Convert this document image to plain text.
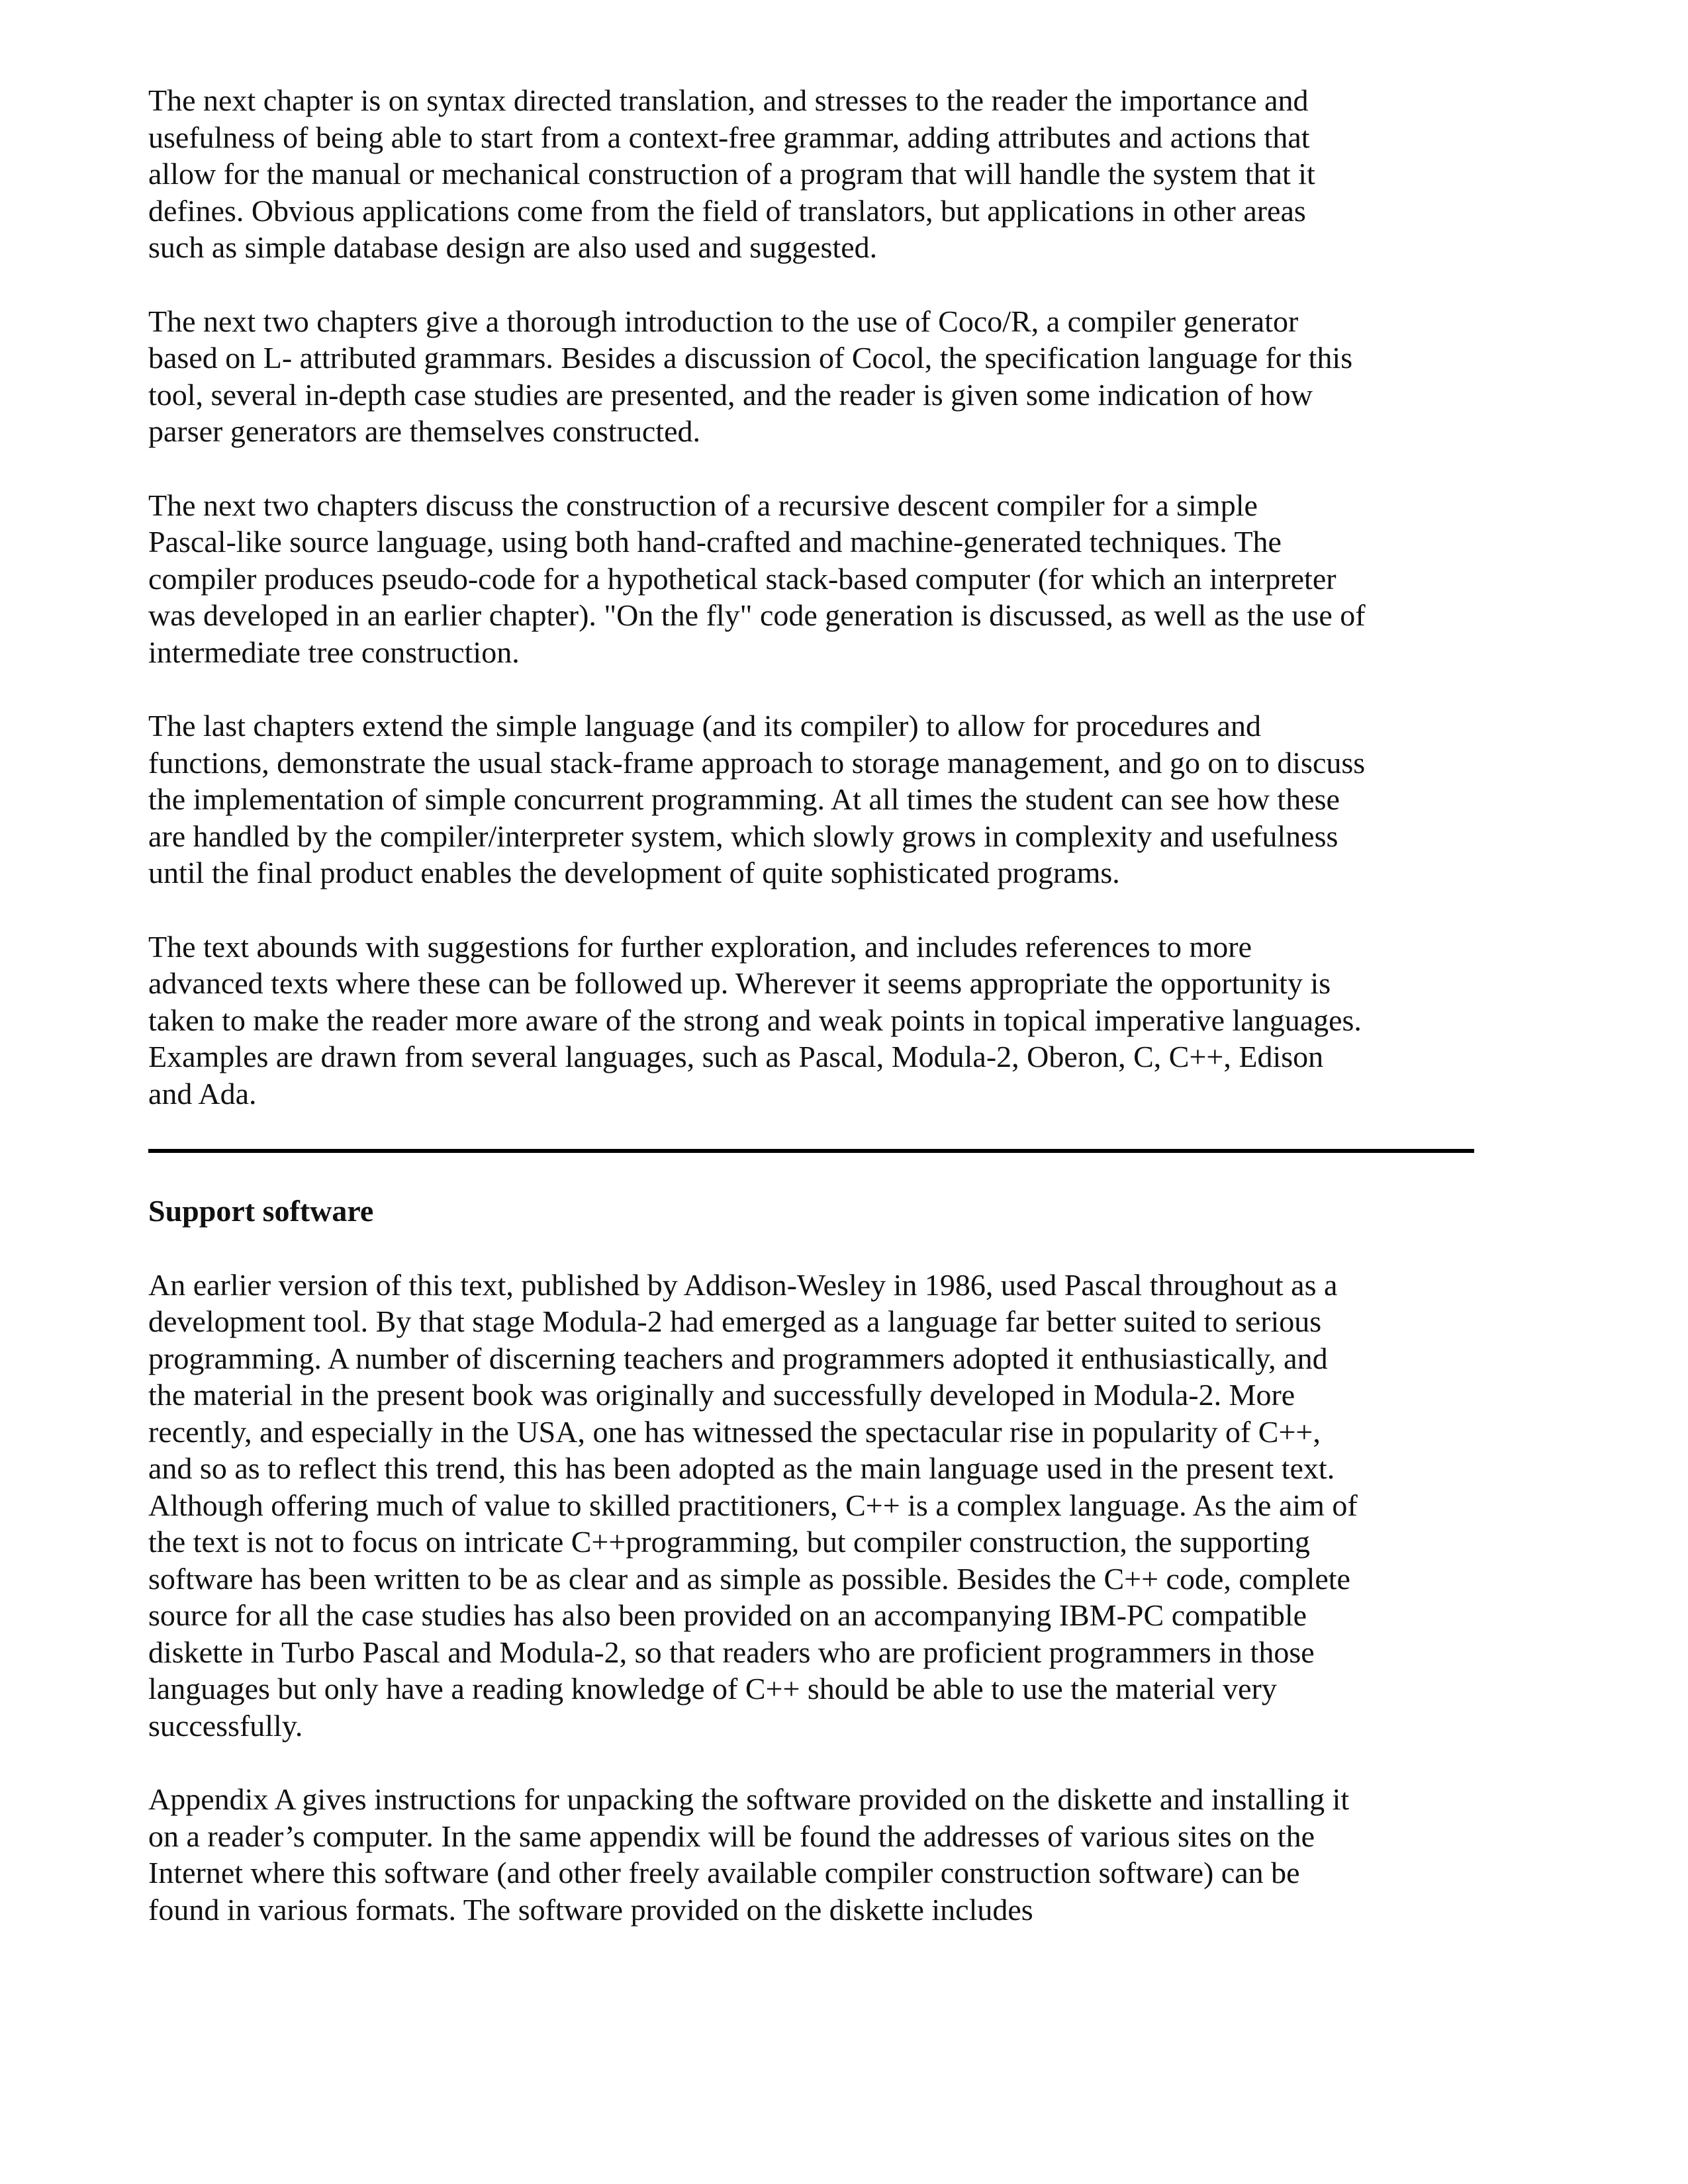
The next chapter is on syntax directed translation, and stresses to the reader the importance and
usefulness of being able to start from a context-free grammar, adding attributes and actions that
allow for the manual or mechanical construction of a program that will handle the system that it
defines. Obvious applications come from the field of translators, but applications in other areas
such as simple database design are also used and suggested.

The next two chapters give a thorough introduction to the use of Coco/R, a compiler generator
based on L- attributed grammars. Besides a discussion of Cocol, the specification language for this
tool, several in-depth case studies are presented, and the reader is given some indication of how
parser generators are themselves constructed.

The next two chapters discuss the construction of a recursive descent compiler for a simple
Pascal-like source language, using both hand-crafted and machine-generated techniques. The
compiler produces pseudo-code for a hypothetical stack-based computer (for which an interpreter
was developed in an earlier chapter). "On the fly" code generation is discussed, as well as the use of
intermediate tree construction.

The last chapters extend the simple language (and its compiler) to allow for procedures and
functions, demonstrate the usual stack-frame approach to storage management, and go on to discuss
the implementation of simple concurrent programming. At all times the student can see how these
are handled by the compiler/interpreter system, which slowly grows in complexity and usefulness
until the final product enables the development of quite sophisticated programs.

The text abounds with suggestions for further exploration, and includes references to more
advanced texts where these can be followed up. Wherever it seems appropriate the opportunity is
taken to make the reader more aware of the strong and weak points in topical imperative languages.
Examples are drawn from several languages, such as Pascal, Modula-2, Oberon, C, C++, Edison
and Ada.

Support software

An earlier version of this text, published by Addison-Wesley in 1986, used Pascal throughout as a
development tool. By that stage Modula-2 had emerged as a language far better suited to serious
programming. A number of discerning teachers and programmers adopted it enthusiastically, and
the material in the present book was originally and successfully developed in Modula-2. More
recently, and especially in the USA, one has witnessed the spectacular rise in popularity of C++,
and so as to reflect this trend, this has been adopted as the main language used in the present text.
Although offering much of value to skilled practitioners, C++ is a complex language. As the aim of
the text is not to focus on intricate C++programming, but compiler construction, the supporting
software has been written to be as clear and as simple as possible. Besides the C++ code, complete
source for all the case studies has also been provided on an accompanying IBM-PC compatible
diskette in Turbo Pascal and Modula-2, so that readers who are proficient programmers in those
languages but only have a reading knowledge of C++ should be able to use the material very
successfully.

Appendix A gives instructions for unpacking the software provided on the diskette and installing it
on a reader’s computer. In the same appendix will be found the addresses of various sites on the
Internet where this software (and other freely available compiler construction software) can be
found in various formats. The software provided on the diskette includes
